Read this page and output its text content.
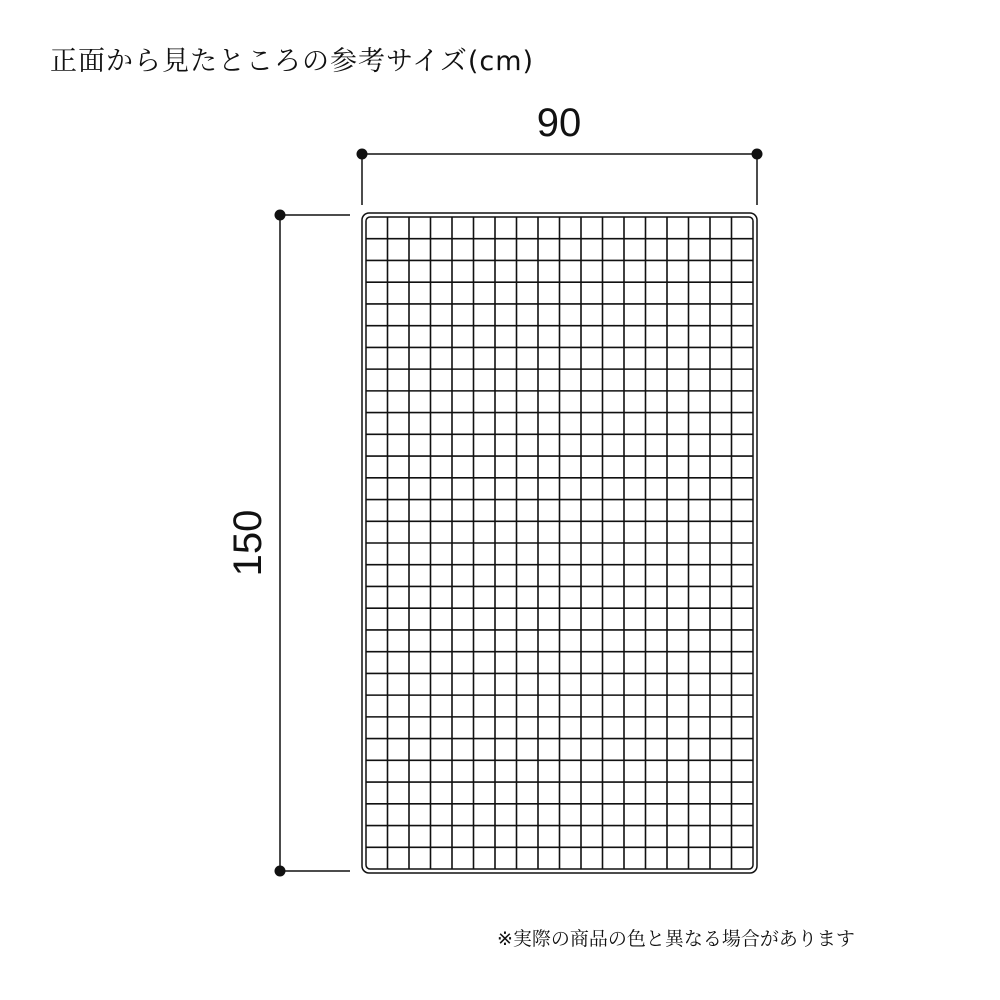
正面から見たところの参考サイズ(cm)
90
150
※実際の商品の色と異なる場合があります
